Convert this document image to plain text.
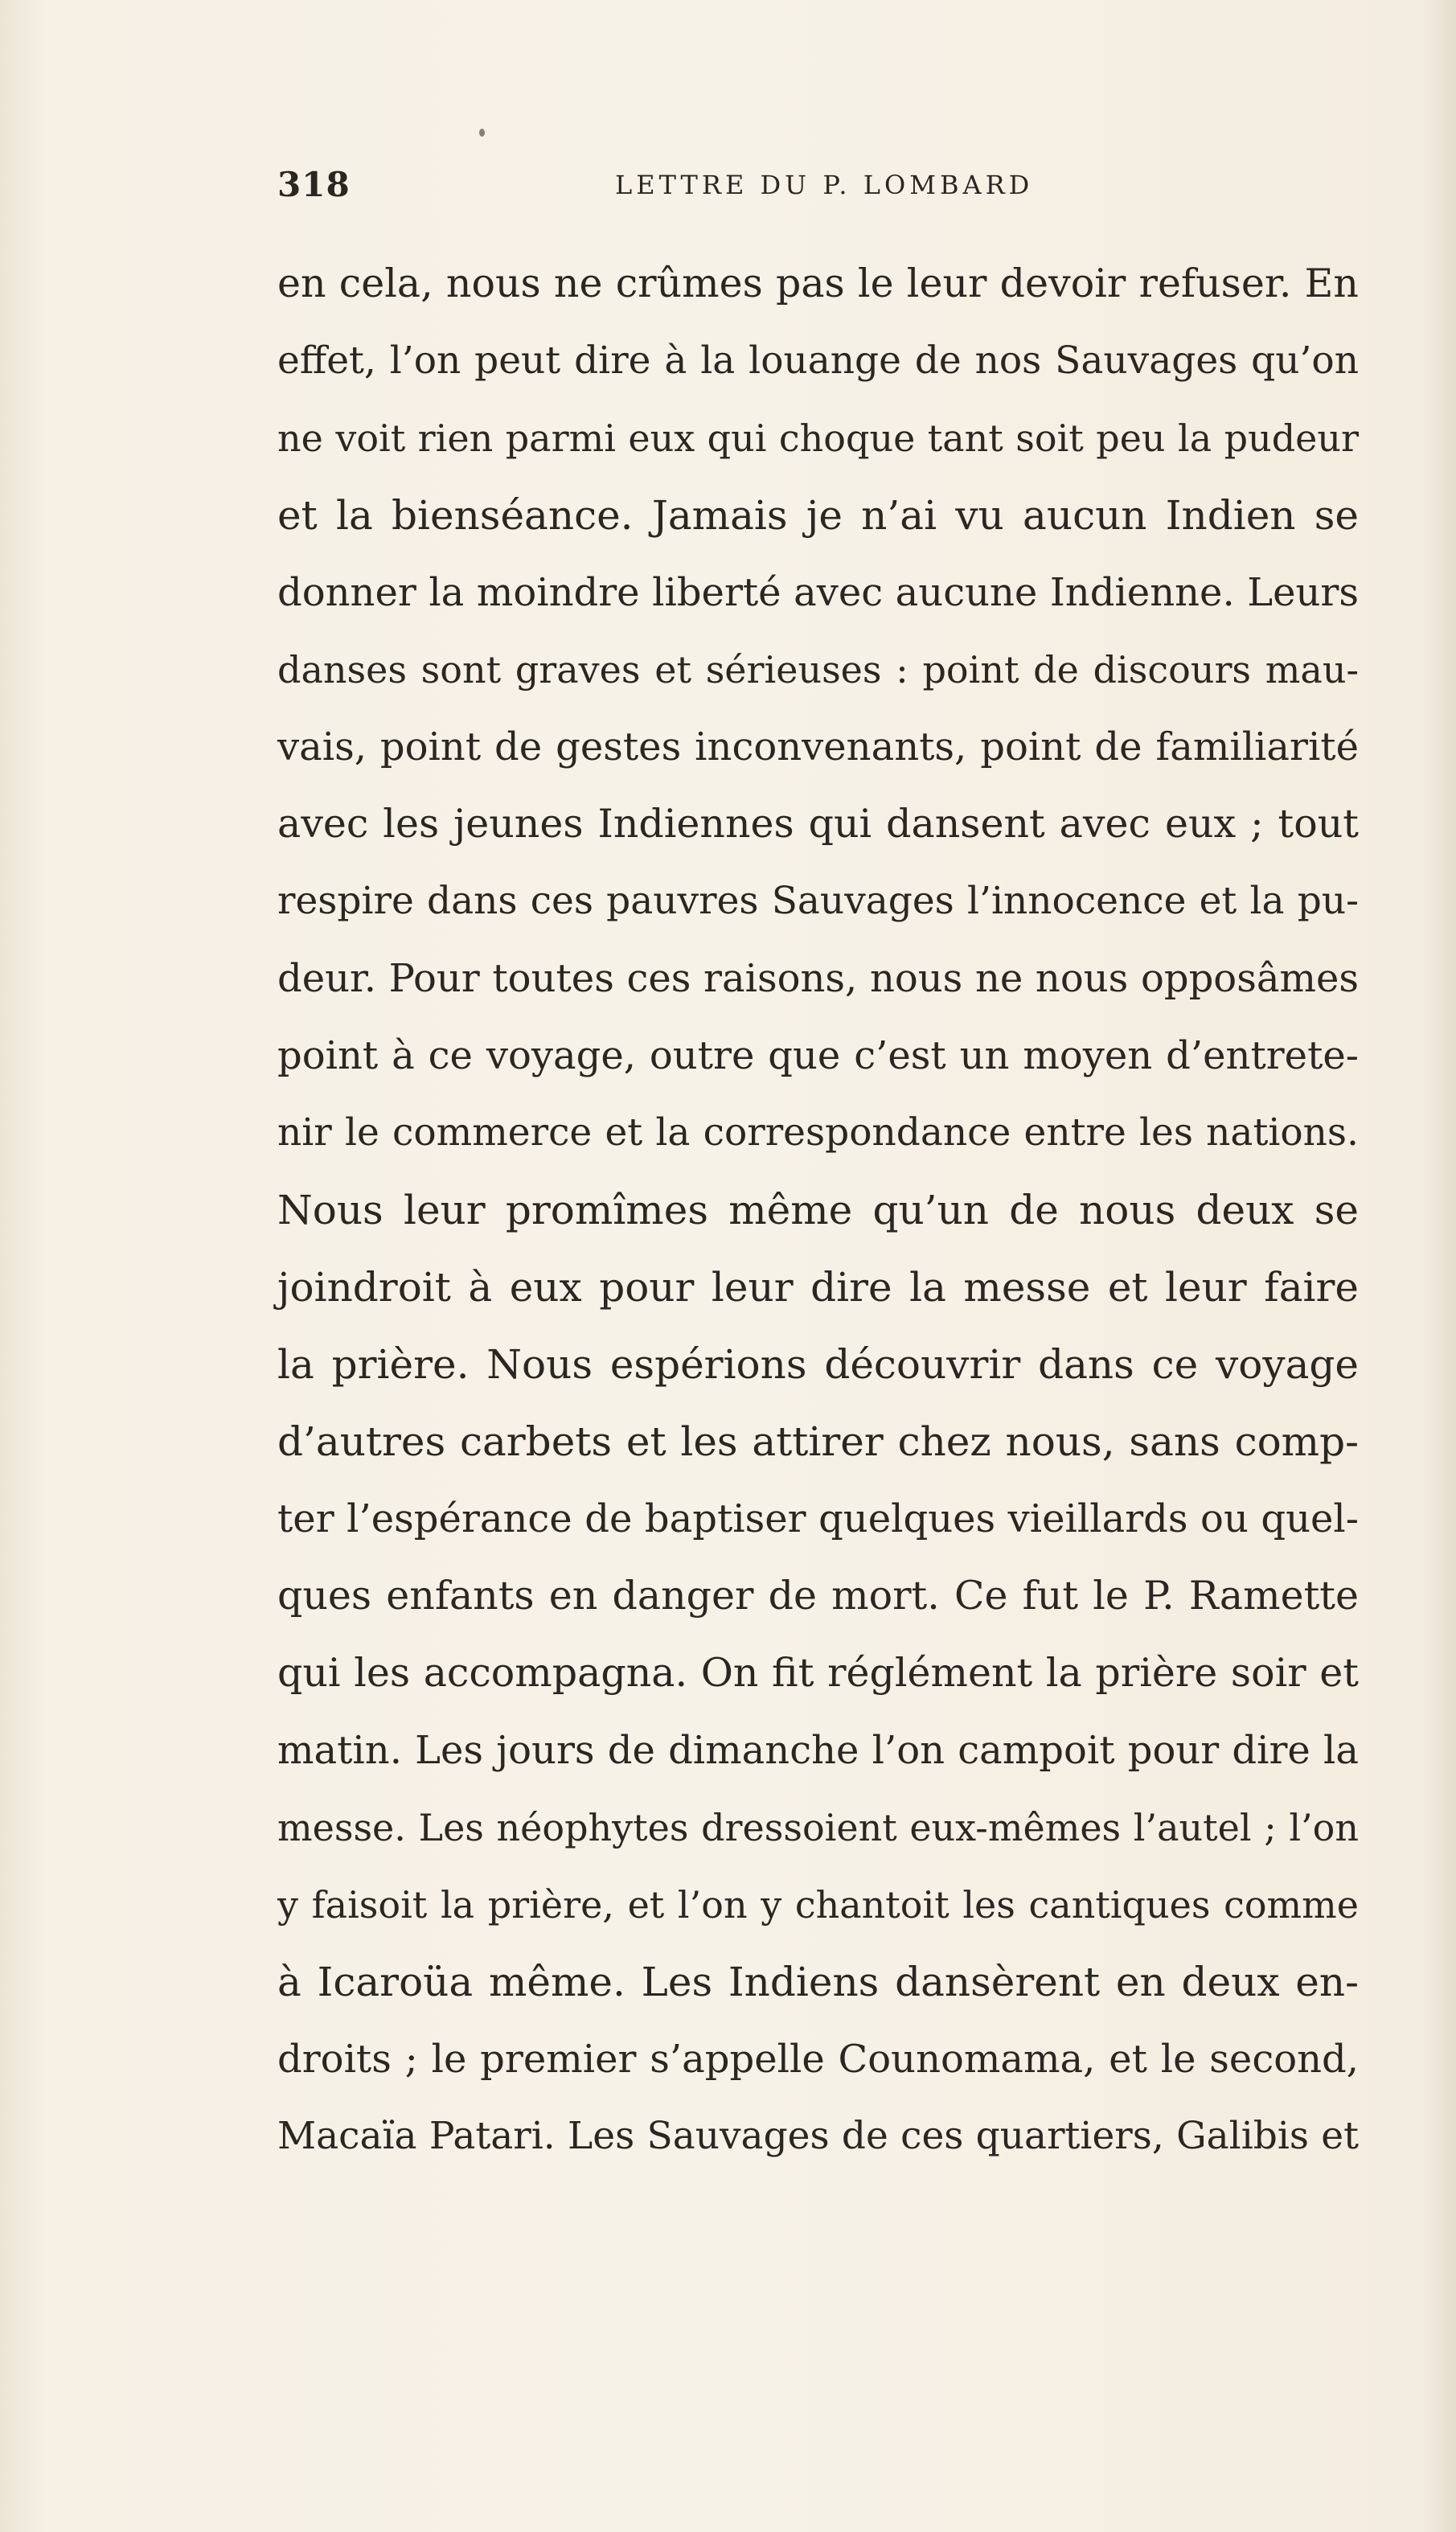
318	LETTRE DU P. LOMBARD
en cela, nous ne crûmes pas le leur devoir refuser. En
effet, l’on peut dire à la louange de nos Sauvages qu’on
ne voit rien parmi eux qui choque tant soit peu la pudeur
et la bienséance. Jamais je n’ai vu aucun Indien se
donner la moindre liberté avec aucune Indienne. Leurs
danses sont graves et sérieuses : point de discours mau-
vais, point de gestes inconvenants, point de familiarité
avec les jeunes Indiennes qui dansent avec eux ; tout
respire dans ces pauvres Sauvages l’innocence et la pu-
deur. Pour toutes ces raisons, nous ne nous opposâmes
point à ce voyage, outre que c’est un moyen d’entrete-
nir le commerce et la correspondance entre les nations.
Nous leur promîmes même qu’un de nous deux se
joindroit à eux pour leur dire la messe et leur faire
la prière. Nous espérions découvrir dans ce voyage
d’autres carbets et les attirer chez nous, sans comp-
ter l’espérance de baptiser quelques vieillards ou quel-
ques enfants en danger de mort. Ce fut le P. Ramette
qui les accompagna. On fit réglément la prière soir et
matin. Les jours de dimanche l’on campoit pour dire la
messe. Les néophytes dressoient eux-mêmes l’autel ; l’on
y faisoit la prière, et l’on y chantoit les cantiques comme
à Icaroüa même. Les Indiens dansèrent en deux en-
droits ; le premier s’appelle Counomama, et le second,
Macaïa Patari. Les Sauvages de ces quartiers, Galibis et
